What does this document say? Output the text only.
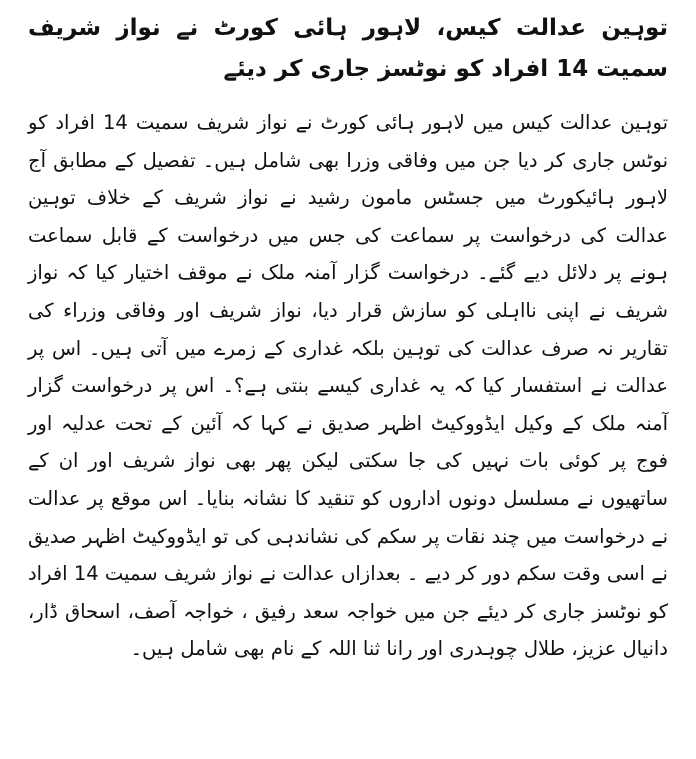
توہین عدالت کیس، لاہور ہائی کورٹ نے نواز شریف سمیت 14 افراد کو نوٹسز جاری کر دیئے

توہین عدالت کیس میں لاہور ہائی کورٹ نے نواز شریف سمیت 14 افراد کو نوٹس جاری کر دیا جن میں وفاقی وزرا بھی شامل ہیں۔ تفصیل کے مطابق آج لاہور ہائیکورٹ میں جسٹس مامون رشید نے نواز شریف کے خلاف توہین عدالت کی درخواست پر سماعت کی جس میں درخواست کے قابل سماعت ہونے پر دلائل دیے گئے۔ درخواست گزار آمنہ ملک نے موقف اختیار کیا کہ نواز شریف نے اپنی نااہلی کو سازش قرار دیا، نواز شریف اور وفاقی وزراء کی تقاریر نہ صرف عدالت کی توہین بلکہ غداری کے زمرے میں آتی ہیں۔ اس پر عدالت نے استفسار کیا کہ یہ غداری کیسے بنتی ہے؟۔ اس پر درخواست گزار آمنہ ملک کے وکیل ایڈووکیٹ اظہر صدیق نے کہا کہ آئین کے تحت عدلیہ اور فوج پر کوئی بات نہیں کی جا سکتی لیکن پھر بھی نواز شریف اور ان کے ساتھیوں نے مسلسل دونوں اداروں کو تنقید کا نشانہ بنایا۔ اس موقع پر عدالت نے درخواست میں چند نقات پر سکم کی نشاندہی کی تو ایڈووکیٹ اظہر صدیق نے اسی وقت سکم دور کر دیے ۔ بعدازاں عدالت نے نواز شریف سمیت 14 افراد کو نوٹسز جاری کر دیئے جن میں خواجہ سعد رفیق ، خواجہ آصف، اسحاق ڈار، دانیال عزیز، طلال چوہدری اور رانا ثنا اللہ کے نام بھی شامل ہیں۔
